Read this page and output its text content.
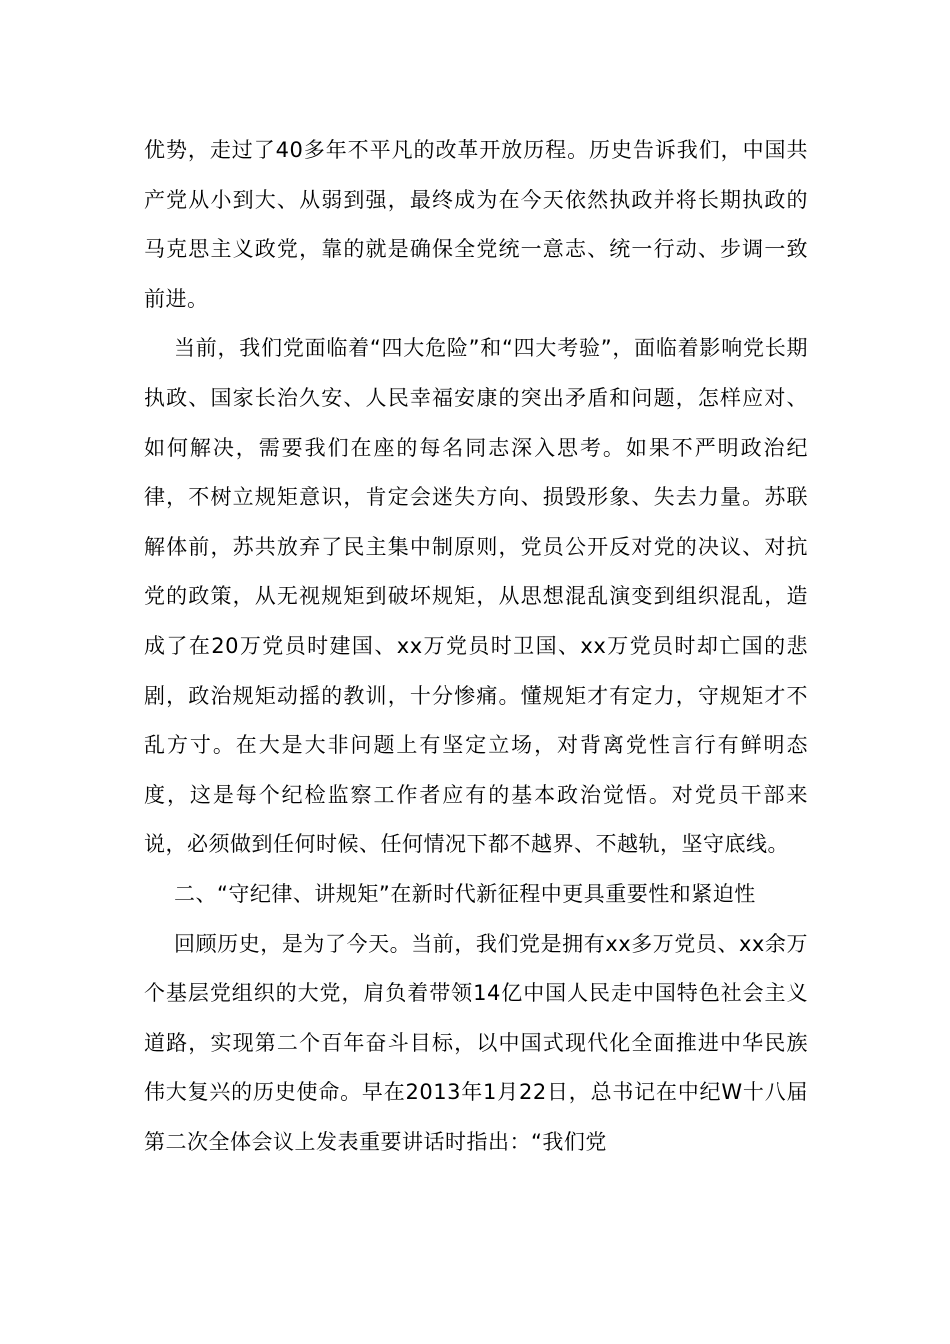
优势，走过了40多年不平凡的改革开放历程。历史告诉我们，中国共产党从小到大、从弱到强，最终成为在今天依然执政并将长期执政的马克思主义政党，靠的就是确保全党统一意志、统一行动、步调一致前进。

当前，我们党面临着“四大危险”和“四大考验”，面临着影响党长期执政、国家长治久安、人民幸福安康的突出矛盾和问题，怎样应对、如何解决，需要我们在座的每名同志深入思考。如果不严明政治纪律，不树立规矩意识，肯定会迷失方向、损毁形象、失去力量。苏联解体前，苏共放弃了民主集中制原则，党员公开反对党的决议、对抗党的政策，从无视规矩到破坏规矩，从思想混乱演变到组织混乱，造成了在20万党员时建国、xx万党员时卫国、xx万党员时却亡国的悲剧，政治规矩动摇的教训，十分惨痛。懂规矩才有定力，守规矩才不乱方寸。在大是大非问题上有坚定立场，对背离党性言行有鲜明态度，这是每个纪检监察工作者应有的基本政治觉悟。对党员干部来说，必须做到任何时候、任何情况下都不越界、不越轨，坚守底线。

二、“守纪律、讲规矩”在新时代新征程中更具重要性和紧迫性

回顾历史，是为了今天。当前，我们党是拥有xx多万党员、xx余万个基层党组织的大党，肩负着带领14亿中国人民走中国特色社会主义道路，实现第二个百年奋斗目标，以中国式现代化全面推进中华民族伟大复兴的历史使命。早在2013年1月22日，总书记在中纪W十八届第二次全体会议上发表重要讲话时指出：“我们党
